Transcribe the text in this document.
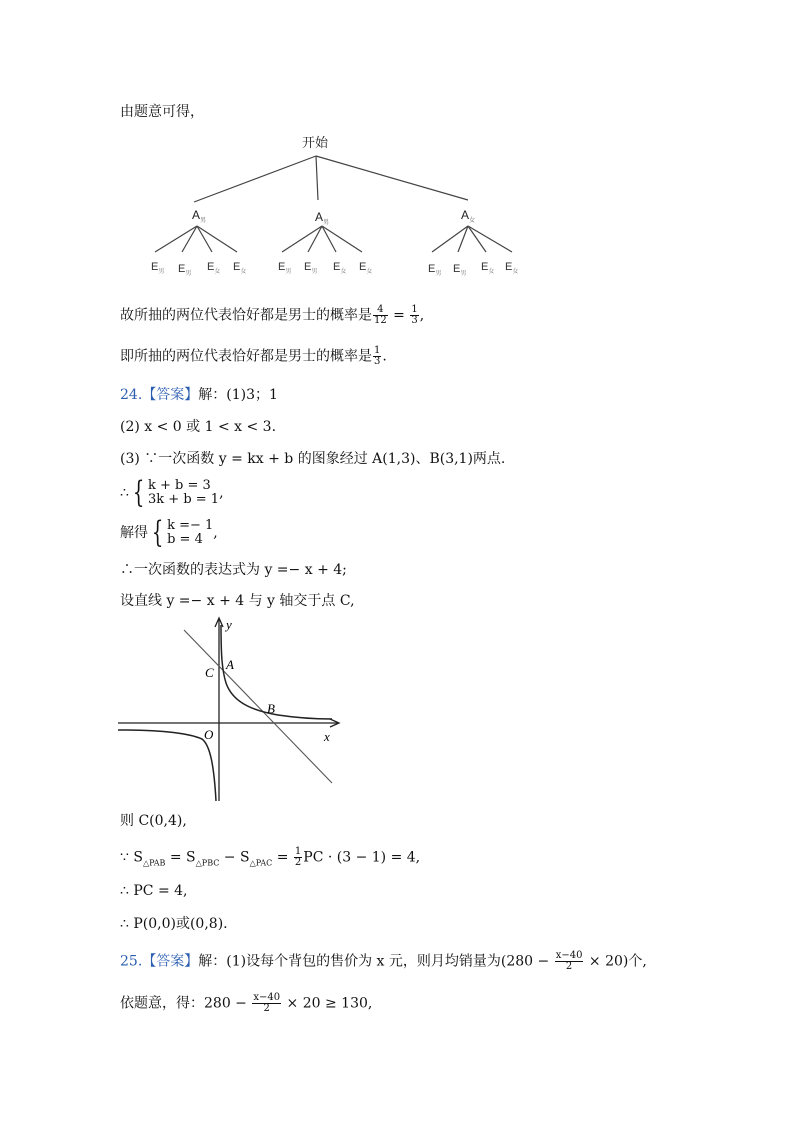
由题意可得，
开始
$A_男$	$A_男$
$A_女$
$E_男$ $E_男$
$E_女$ $E_女$	$E_男$ $E_男$ $E_女$ $E_女$	$E_男$ $E_男$
$E_女$ $E_女$
故所抽的两位代表恰好都是男士的概率是 $\frac{4}{12} = \frac{1}{3}$ ,
即所抽的两位代表恰好都是男士的概率是 $\frac{1}{3}$ .
24.【答案】解：(1)3；1
(2) x < 0 或 1 < x < 3.
(3) ∵一次函数 y = kx + b 的图象经过 A(1,3)、B(3,1)两点.
∴ { k + b = 3
3k + b = 1 ,
解得 { k =− 1
b = 4 ,
∴一次函数的表达式为 y =− x + 4;
设直线 y =− x + 4 与 y 轴交于点 C,
y
x
O
C
A
B
则 C(0,4),
∵ $S_{\triangle PAB} = S_{\triangle PBC} - S_{\triangle PAC} = \frac{1}{2}$ PC · (3 − 1) = 4,
∴ PC = 4,
∴ P(0,0)或(0,8).
25.【答案】解：(1)设每个背包的售价为 x 元，则月均销量为$(280 - \frac{x-40}{2} \times 20)$个,
依题意，得：$280 - \frac{x-40}{2} \times 20 \ge 130$,
